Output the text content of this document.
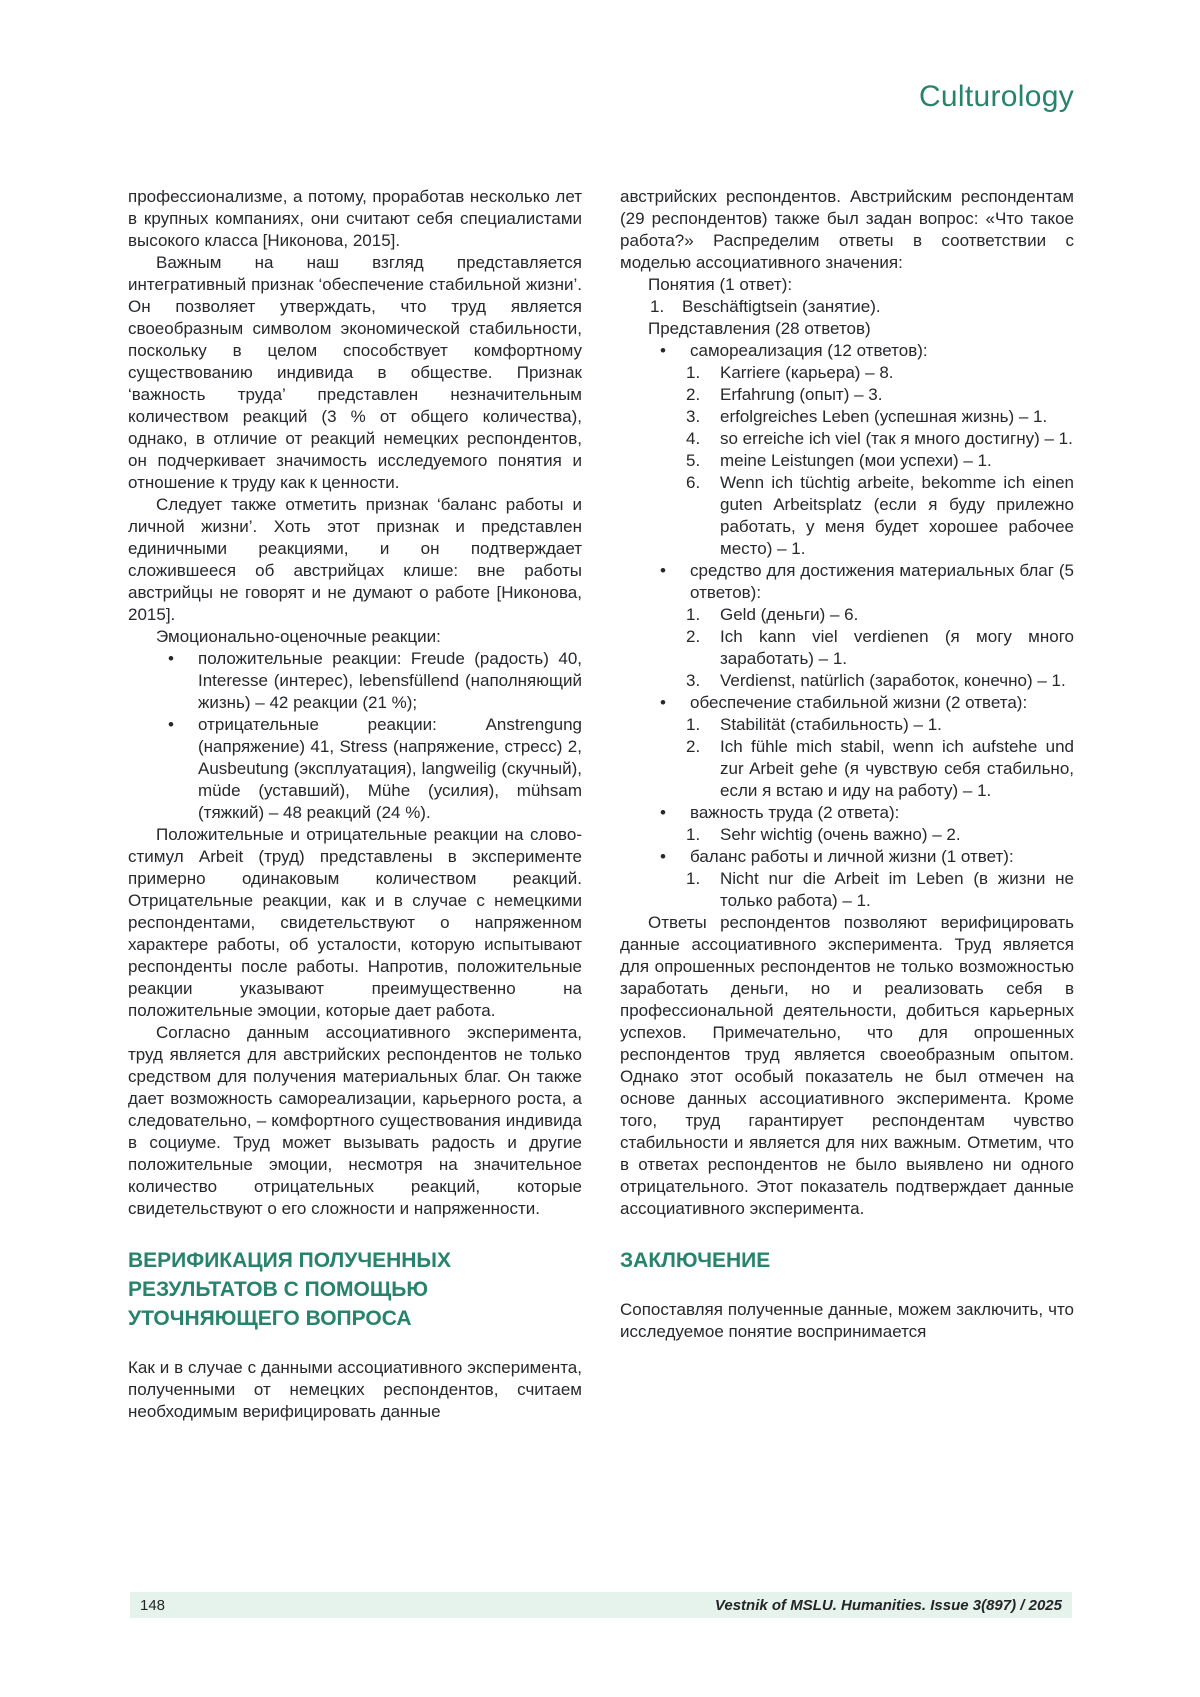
Culturology

профессионализме, а потому, проработав несколько лет в крупных компаниях, они считают себя специалистами высокого класса [Никонова, 2015].

Важным на наш взгляд представляется интегративный признак ‘обеспечение стабильной жизни’. Он позволяет утверждать, что труд является своеобразным символом экономической стабильности, поскольку в целом способствует комфортному существованию индивида в обществе. Признак ‘важность труда’ представлен незначительным количеством реакций (3 % от общего количества), однако, в отличие от реакций немецких респондентов, он подчеркивает значимость исследуемого понятия и отношение к труду как к ценности.

Следует также отметить признак ‘баланс работы и личной жизни’. Хоть этот признак и представлен единичными реакциями, и он подтверждает сложившееся об австрийцах клише: вне работы австрийцы не говорят и не думают о работе [Никонова, 2015].

Эмоционально-оценочные реакции:

• положительные реакции: Freude (радость) 40, Interesse (интерес), lebensfüllend (наполняющий жизнь) – 42 реакции (21 %);
• отрицательные реакции: Anstrengung (напряжение) 41, Stress (напряжение, стресс) 2, Ausbeutung (эксплуатация), langweilig (скучный), müde (уставший), Mühe (усилия), mühsam (тяжкий) – 48 реакций (24 %).

Положительные и отрицательные реакции на слово-стимул Arbeit (труд) представлены в эксперименте примерно одинаковым количеством реакций. Отрицательные реакции, как и в случае с немецкими респондентами, свидетельствуют о напряженном характере работы, об усталости, которую испытывают респонденты после работы. Напротив, положительные реакции указывают преимущественно на положительные эмоции, которые дает работа.

Согласно данным ассоциативного эксперимента, труд является для австрийских респондентов не только средством для получения материальных благ. Он также дает возможность самореализации, карьерного роста, а следовательно, – комфортного существования индивида в социуме. Труд может вызывать радость и другие положительные эмоции, несмотря на значительное количество отрицательных реакций, которые свидетельствуют о его сложности и напряженности.

ВЕРИФИКАЦИЯ ПОЛУЧЕННЫХ
РЕЗУЛЬТАТОВ С ПОМОЩЬЮ
УТОЧНЯЮЩЕГО ВОПРОСА

Как и в случае с данными ассоциативного эксперимента, полученными от немецких респондентов, считаем необходимым верифицировать данные

австрийских респондентов. Австрийским респондентам (29 респондентов) также был задан вопрос: «Что такое работа?» Распределим ответы в соответствии с моделью ассоциативного значения:

Понятия (1 ответ):

1. Beschäftigtsein (занятие).

Представления (28 ответов)

• самореализация (12 ответов):
1. Karriere (карьера) – 8.
2. Erfahrung (опыт) – 3.
3. erfolgreiches Leben (успешная жизнь) – 1.
4. so erreiche ich viel (так я много достигну) – 1.
5. meine Leistungen (мои успехи) – 1.
6. Wenn ich tüchtig arbeite, bekomme ich einen guten Arbeitsplatz (если я буду прилежно работать, у меня будет хорошее рабочее место) – 1.
• средство для достижения материальных благ (5 ответов):
1. Geld (деньги) – 6.
2. Ich kann viel verdienen (я могу много заработать) – 1.
3. Verdienst, natürlich (заработок, конечно) – 1.
• обеспечение стабильной жизни (2 ответа):
1. Stabilität (стабильность) – 1.
2. Ich fühle mich stabil, wenn ich aufstehe und zur Arbeit gehe (я чувствую себя стабильно, если я встаю и иду на работу) – 1.
• важность труда (2 ответа):
1. Sehr wichtig (очень важно) – 2.
• баланс работы и личной жизни (1 ответ):
1. Nicht nur die Arbeit im Leben (в жизни не только работа) – 1.

Ответы респондентов позволяют верифицировать данные ассоциативного эксперимента. Труд является для опрошенных респондентов не только возможностью заработать деньги, но и реализовать себя в профессиональной деятельности, добиться карьерных успехов. Примечательно, что для опрошенных респондентов труд является своеобразным опытом. Однако этот особый показатель не был отмечен на основе данных ассоциативного эксперимента. Кроме того, труд гарантирует респондентам чувство стабильности и является для них важным. Отметим, что в ответах респондентов не было выявлено ни одного отрицательного. Этот показатель подтверждает данные ассоциативного эксперимента.

ЗАКЛЮЧЕНИЕ

Сопоставляя полученные данные, можем заключить, что исследуемое понятие воспринимается

148	Vestnik of MSLU. Humanities. Issue 3(897) / 2025
